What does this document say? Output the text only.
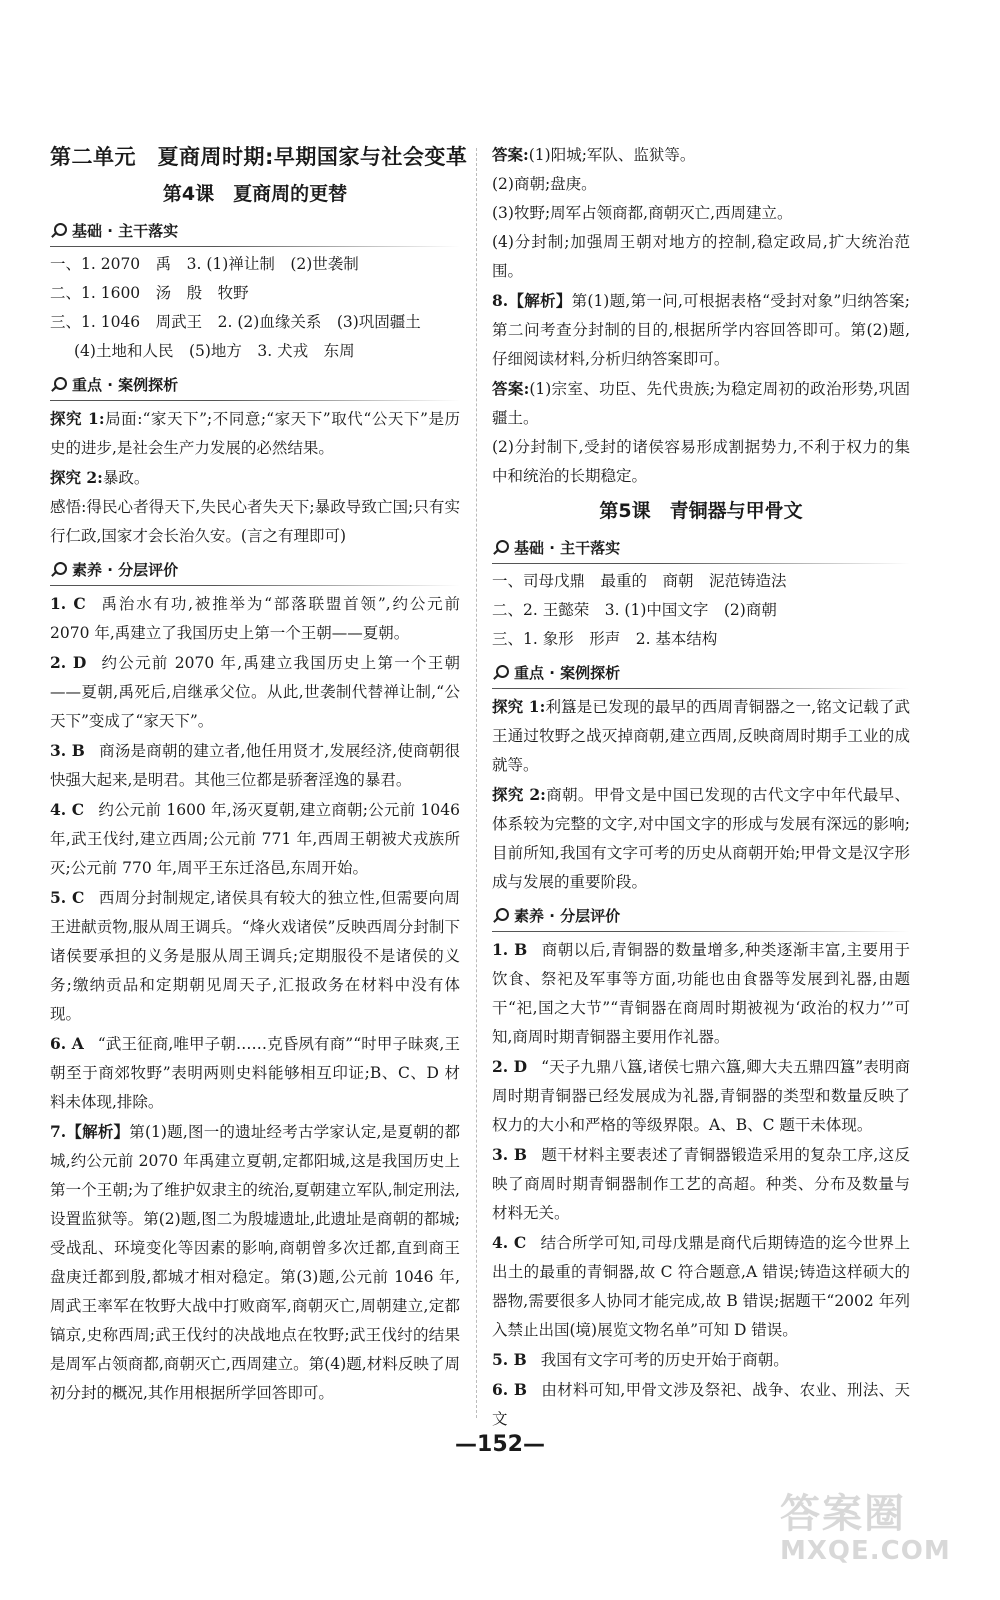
第二单元　夏商周时期:早期国家与社会变革
第4课　夏商周的更替
基础 · 主干落实

一、1. 2070　禹　3. (1)禅让制　(2)世袭制

二、1. 1600　汤　殷　牧野

三、1. 1046　周武王　2. (2)血缘关系　(3)巩固疆土

(4)土地和人民　(5)地方　3. 犬戎　东周

重点 · 案例探析

探究 1:局面:“家天下”;不同意;“家天下”取代“公天下”是历史的进步,是社会生产力发展的必然结果。

探究 2:暴政。

感悟:得民心者得天下,失民心者失天下;暴政导致亡国;只有实行仁政,国家才会长治久安。(言之有理即可)

素养 · 分层评价

1. C 禹治水有功,被推举为“部落联盟首领”,约公元前 2070 年,禹建立了我国历史上第一个王朝——夏朝。

2. D 约公元前 2070 年,禹建立我国历史上第一个王朝——夏朝,禹死后,启继承父位。从此,世袭制代替禅让制,“公天下”变成了“家天下”。

3. B 商汤是商朝的建立者,他任用贤才,发展经济,使商朝很快强大起来,是明君。其他三位都是骄奢淫逸的暴君。

4. C 约公元前 1600 年,汤灭夏朝,建立商朝;公元前 1046 年,武王伐纣,建立西周;公元前 771 年,西周王朝被犬戎族所灭;公元前 770 年,周平王东迁洛邑,东周开始。

5. C 西周分封制规定,诸侯具有较大的独立性,但需要向周王进献贡物,服从周王调兵。“烽火戏诸侯”反映西周分封制下诸侯要承担的义务是服从周王调兵;定期服役不是诸侯的义务;缴纳贡品和定期朝见周天子,汇报政务在材料中没有体现。

6. A “武王征商,唯甲子朝……克昏夙有商”“时甲子昧爽,王朝至于商郊牧野”表明两则史料能够相互印证;B、C、D 材料未体现,排除。

7.【解析】第(1)题,图一的遗址经考古学家认定,是夏朝的都城,约公元前 2070 年禹建立夏朝,定都阳城,这是我国历史上第一个王朝;为了维护奴隶主的统治,夏朝建立军队,制定刑法,设置监狱等。第(2)题,图二为殷墟遗址,此遗址是商朝的都城;受战乱、环境变化等因素的影响,商朝曾多次迁都,直到商王盘庚迁都到殷,都城才相对稳定。第(3)题,公元前 1046 年,周武王率军在牧野大战中打败商军,商朝灭亡,周朝建立,定都镐京,史称西周;武王伐纣的决战地点在牧野;武王伐纣的结果是周军占领商都,商朝灭亡,西周建立。第(4)题,材料反映了周初分封的概况,其作用根据所学回答即可。

答案:(1)阳城;军队、监狱等。

(2)商朝;盘庚。

(3)牧野;周军占领商都,商朝灭亡,西周建立。

(4)分封制;加强周王朝对地方的控制,稳定政局,扩大统治范围。

8.【解析】第(1)题,第一问,可根据表格“受封对象”归纳答案;第二问考查分封制的目的,根据所学内容回答即可。第(2)题,仔细阅读材料,分析归纳答案即可。

答案:(1)宗室、功臣、先代贵族;为稳定周初的政治形势,巩固疆土。

(2)分封制下,受封的诸侯容易形成割据势力,不利于权力的集中和统治的长期稳定。

第5课　青铜器与甲骨文
基础 · 主干落实

一、司母戊鼎　最重的　商朝　泥范铸造法

二、2. 王懿荣　3. (1)中国文字　(2)商朝

三、1. 象形　形声　2. 基本结构

重点 · 案例探析

探究 1:利簋是已发现的最早的西周青铜器之一,铭文记载了武王通过牧野之战灭掉商朝,建立西周,反映商周时期手工业的成就等。

探究 2:商朝。甲骨文是中国已发现的古代文字中年代最早、体系较为完整的文字,对中国文字的形成与发展有深远的影响;目前所知,我国有文字可考的历史从商朝开始;甲骨文是汉字形成与发展的重要阶段。

素养 · 分层评价

1. B 商朝以后,青铜器的数量增多,种类逐渐丰富,主要用于饮食、祭祀及军事等方面,功能也由食器等发展到礼器,由题干“祀,国之大节”“青铜器在商周时期被视为‘政治的权力’”可知,商周时期青铜器主要用作礼器。

2. D “天子九鼎八簋,诸侯七鼎六簋,卿大夫五鼎四簋”表明商周时期青铜器已经发展成为礼器,青铜器的类型和数量反映了权力的大小和严格的等级界限。A、B、C 题干未体现。

3. B 题干材料主要表述了青铜器锻造采用的复杂工序,这反映了商周时期青铜器制作工艺的高超。种类、分布及数量与材料无关。

4. C 结合所学可知,司母戊鼎是商代后期铸造的迄今世界上出土的最重的青铜器,故 C 符合题意,A 错误;铸造这样硕大的器物,需要很多人协同才能完成,故 B 错误;据题干“2002 年列入禁止出国(境)展览文物名单”可知 D 错误。

5. B 我国有文字可考的历史开始于商朝。

6. B 由材料可知,甲骨文涉及祭祀、战争、农业、刑法、天文

—152—
答案圈
MXQE.COM
